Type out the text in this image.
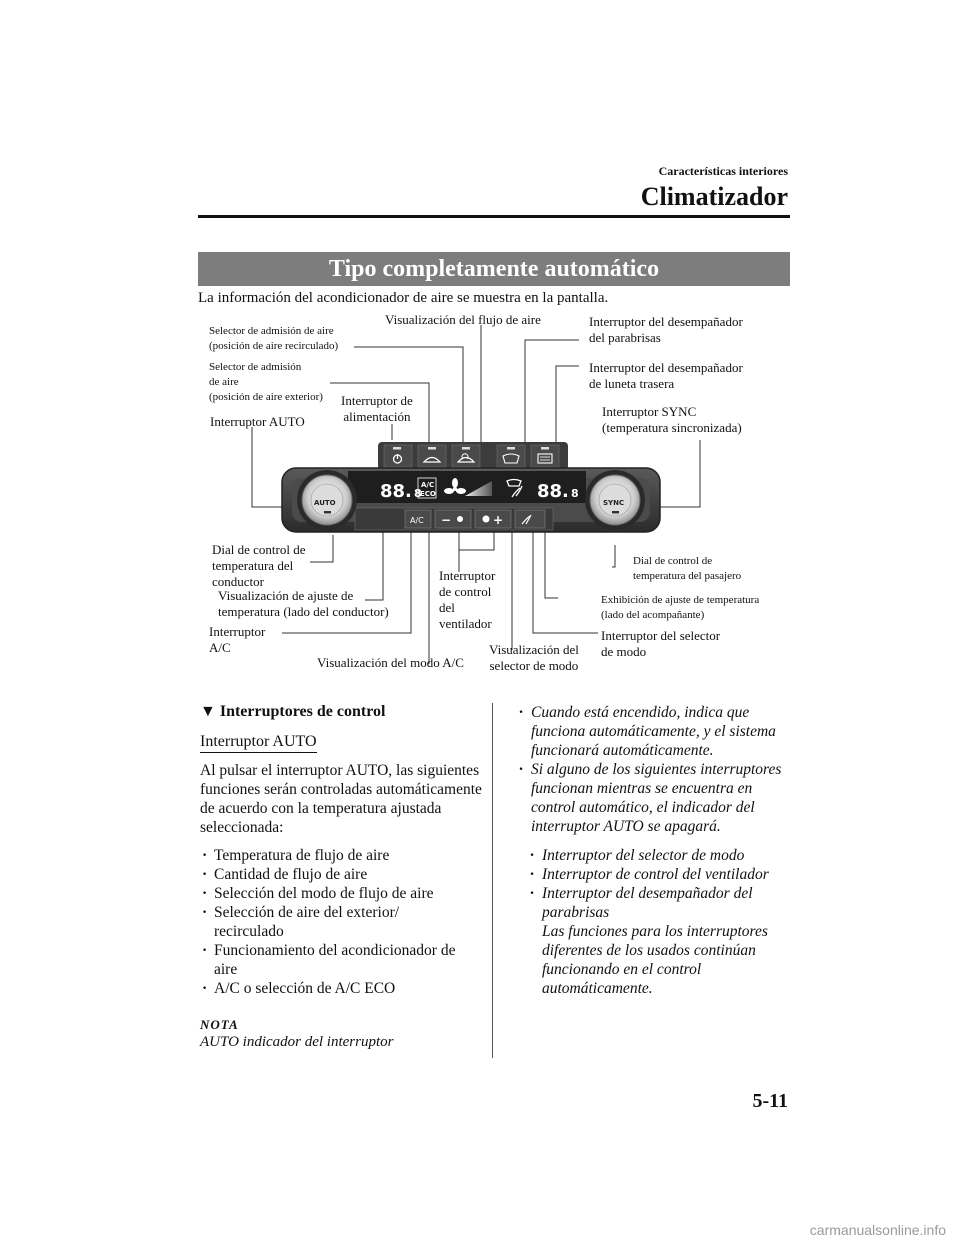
Características interiores
Climatizador
Tipo completamente automático
La información del acondicionador de aire se muestra en la pantalla.
88. 8
A/C
ECO	88. 8
A/C −	+
AUTO	SYNC
Selector de admisión de aire
(posición de aire recirculado)
Visualización del flujo de aire	Interruptor del desempañador
del parabrisas
Selector de admisión
de aire
(posición de aire exterior) Interruptor de
alimentación
Interruptor del desempañador
de luneta trasera
Interruptor AUTO
Interruptor SYNC
(temperatura sincronizada)
Dial de control de
temperatura del
conductor
Dial de control de
temperatura del pasajero
Visualización de ajuste de
temperatura (lado del conductor)
Interruptor
de control
del
ventilador
Exhibición de ajuste de temperatura
(lado del acompañante)
Interruptor
A/C
Interruptor del selector
de modo
Visualización del modo A/C
Visualización del
selector de modo
▼ Interruptores de control
Interruptor AUTO
Al pulsar el interruptor AUTO, las siguientes funciones serán controladas automáticamente de acuerdo con la temperatura ajustada seleccionada:
· Temperatura de flujo de aire
· Cantidad de flujo de aire
· Selección del modo de flujo de aire
· Selección de aire del exterior/
recirculado
· Funcionamiento del acondicionador de
aire
· A/C o selección de A/C ECO
NOTA
AUTO indicador del interruptor
· Cuando está encendido, indica que funciona automáticamente, y el sistema funcionará automáticamente.
· Si alguno de los siguientes interruptores funcionan mientras se encuentra en control automático, el indicador del interruptor AUTO se apagará.
· Interruptor del selector de modo
· Interruptor de control del ventilador
· Interruptor del desempañador del parabrisas
Las funciones para los interruptores diferentes de los usados continúan funcionando en el control automáticamente.
5-11
carmanualsonline.info
